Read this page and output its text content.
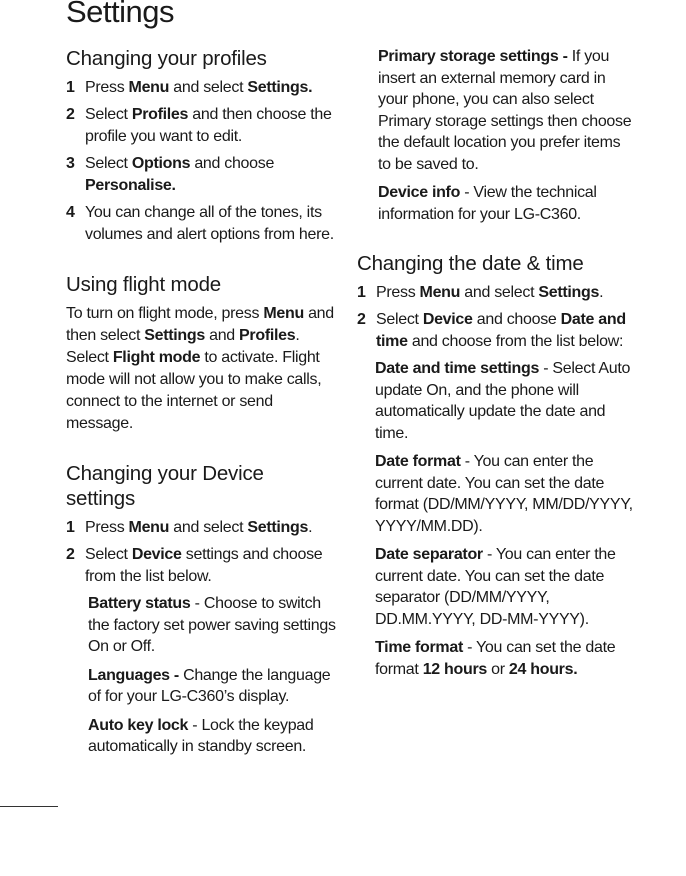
Settings
Changing your profiles
1 Press Menu and select Settings.
2 Select Profiles and then choose the profile you want to edit.
3 Select Options and choose Personalise.
4 You can change all of the tones, its volumes and alert options from here.
Using flight mode
To turn on flight mode, press Menu and then select Settings and Profiles. Select Flight mode to activate. Flight mode will not allow you to make calls, connect to the internet or send message.
Changing your Device settings
1 Press Menu and select Settings.
2 Select Device settings and choose from the list below.
Battery status - Choose to switch the factory set power saving settings On or Off.
Languages - Change the language of for your LG-C360’s display.
Auto key lock - Lock the keypad automatically in standby screen.
Primary storage settings - If you insert an external memory card in your phone, you can also select Primary storage settings then choose the default location you prefer items to be saved to.
Device info - View the technical information for your LG-C360.
Changing the date & time
1 Press Menu and select Settings.
2 Select Device and choose Date and time and choose from the list below:
Date and time settings - Select Auto update On, and the phone will automatically update the date and time.
Date format - You can enter the current date. You can set the date format (DD/MM/YYYY, MM/DD/YYYY, YYYY/MM.DD).
Date separator - You can enter the current date. You can set the date separator (DD/MM/YYYY, DD.MM.YYYY, DD-MM-YYYY).
Time format - You can set the date format 12 hours or 24 hours.
